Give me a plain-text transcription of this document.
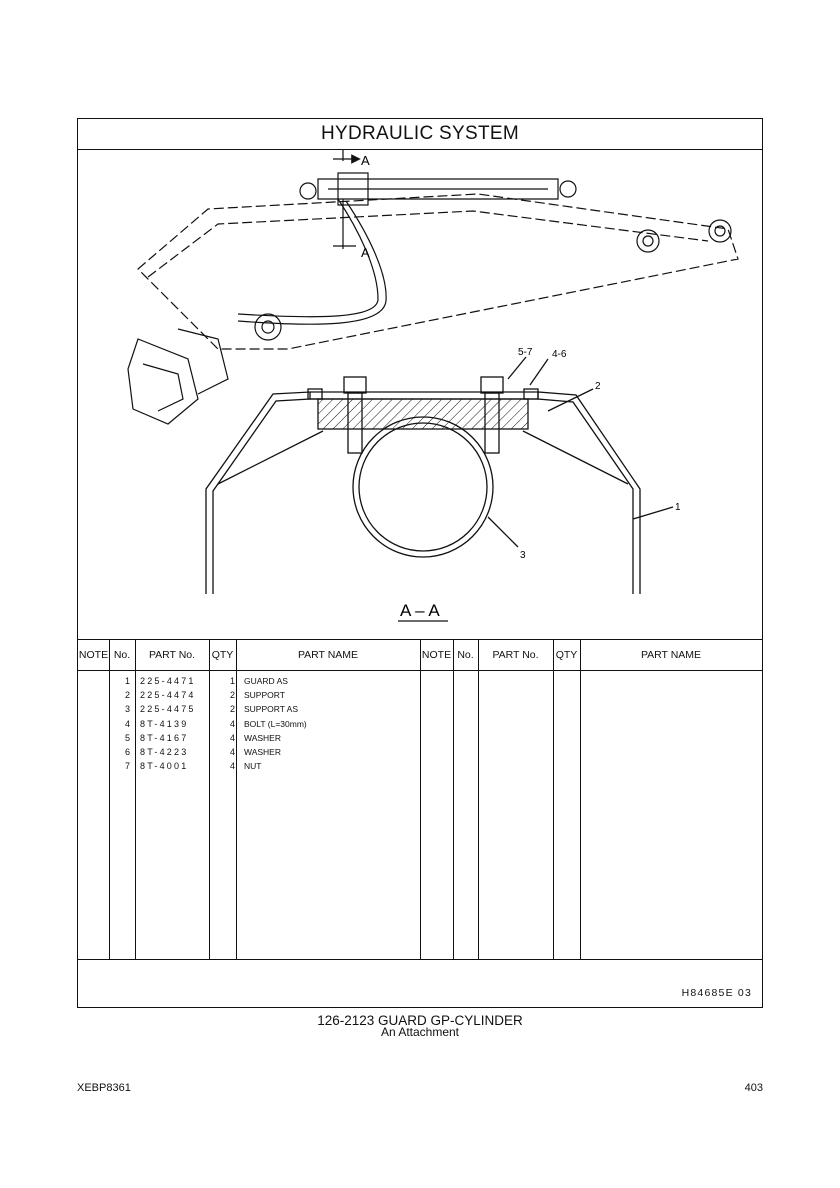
HYDRAULIC SYSTEM
A
A
5-7 4-6
2
1
3
A – A
NOTE No.	PART No.	QTY	PART NAME	NOTE No.	PART No.	QTY	PART NAME
1 225-4471	1 GUARD AS
2 225-4474	2 SUPPORT
3 225-4475	2 SUPPORT AS
4 8T-4139	4 BOLT (L=30mm)
5 8T-4167	4 WASHER
6 8T-4223	4 WASHER
7 8T-4001	4 NUT
H84685E 03
126-2123 GUARD GP-CYLINDER
An Attachment
XEBP8361	403
